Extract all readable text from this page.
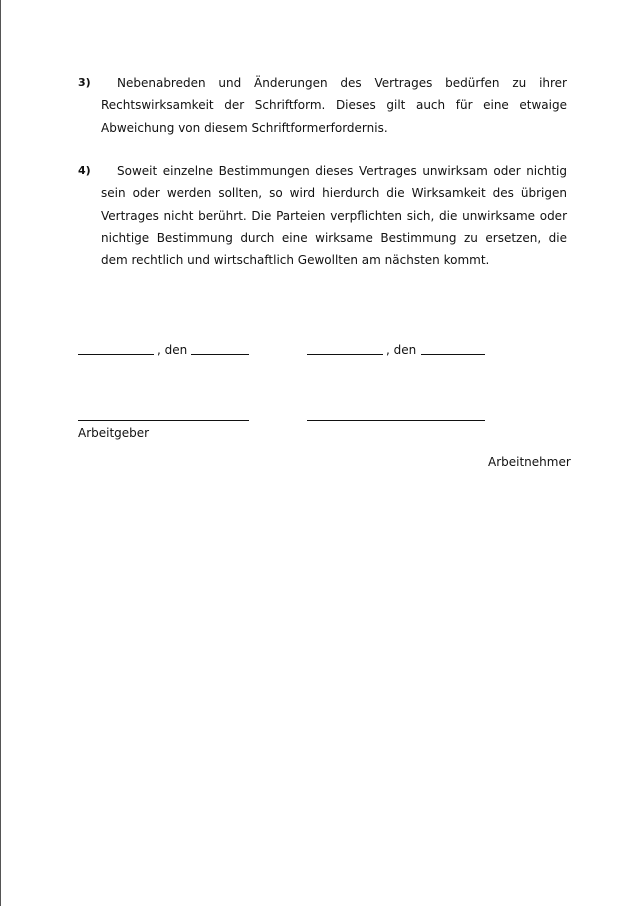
3)	Nebenabreden und Änderungen des Vertrages bedürfen zu ihrer Rechtswirksamkeit der Schriftform. Dieses gilt auch für eine etwaige Abweichung von diesem Schriftformerfordernis.
4)	Soweit einzelne Bestimmungen dieses Vertrages unwirksam oder nichtig sein oder werden sollten, so wird hierdurch die Wirksamkeit des übrigen Vertrages nicht berührt. Die Parteien verpflichten sich, die unwirksame oder nichtige Bestimmung durch eine wirksame Bestimmung zu ersetzen, die dem rechtlich und wirtschaftlich Gewollten am nächsten kommt.
, den	, den
Arbeitgeber
Arbeitnehmer
